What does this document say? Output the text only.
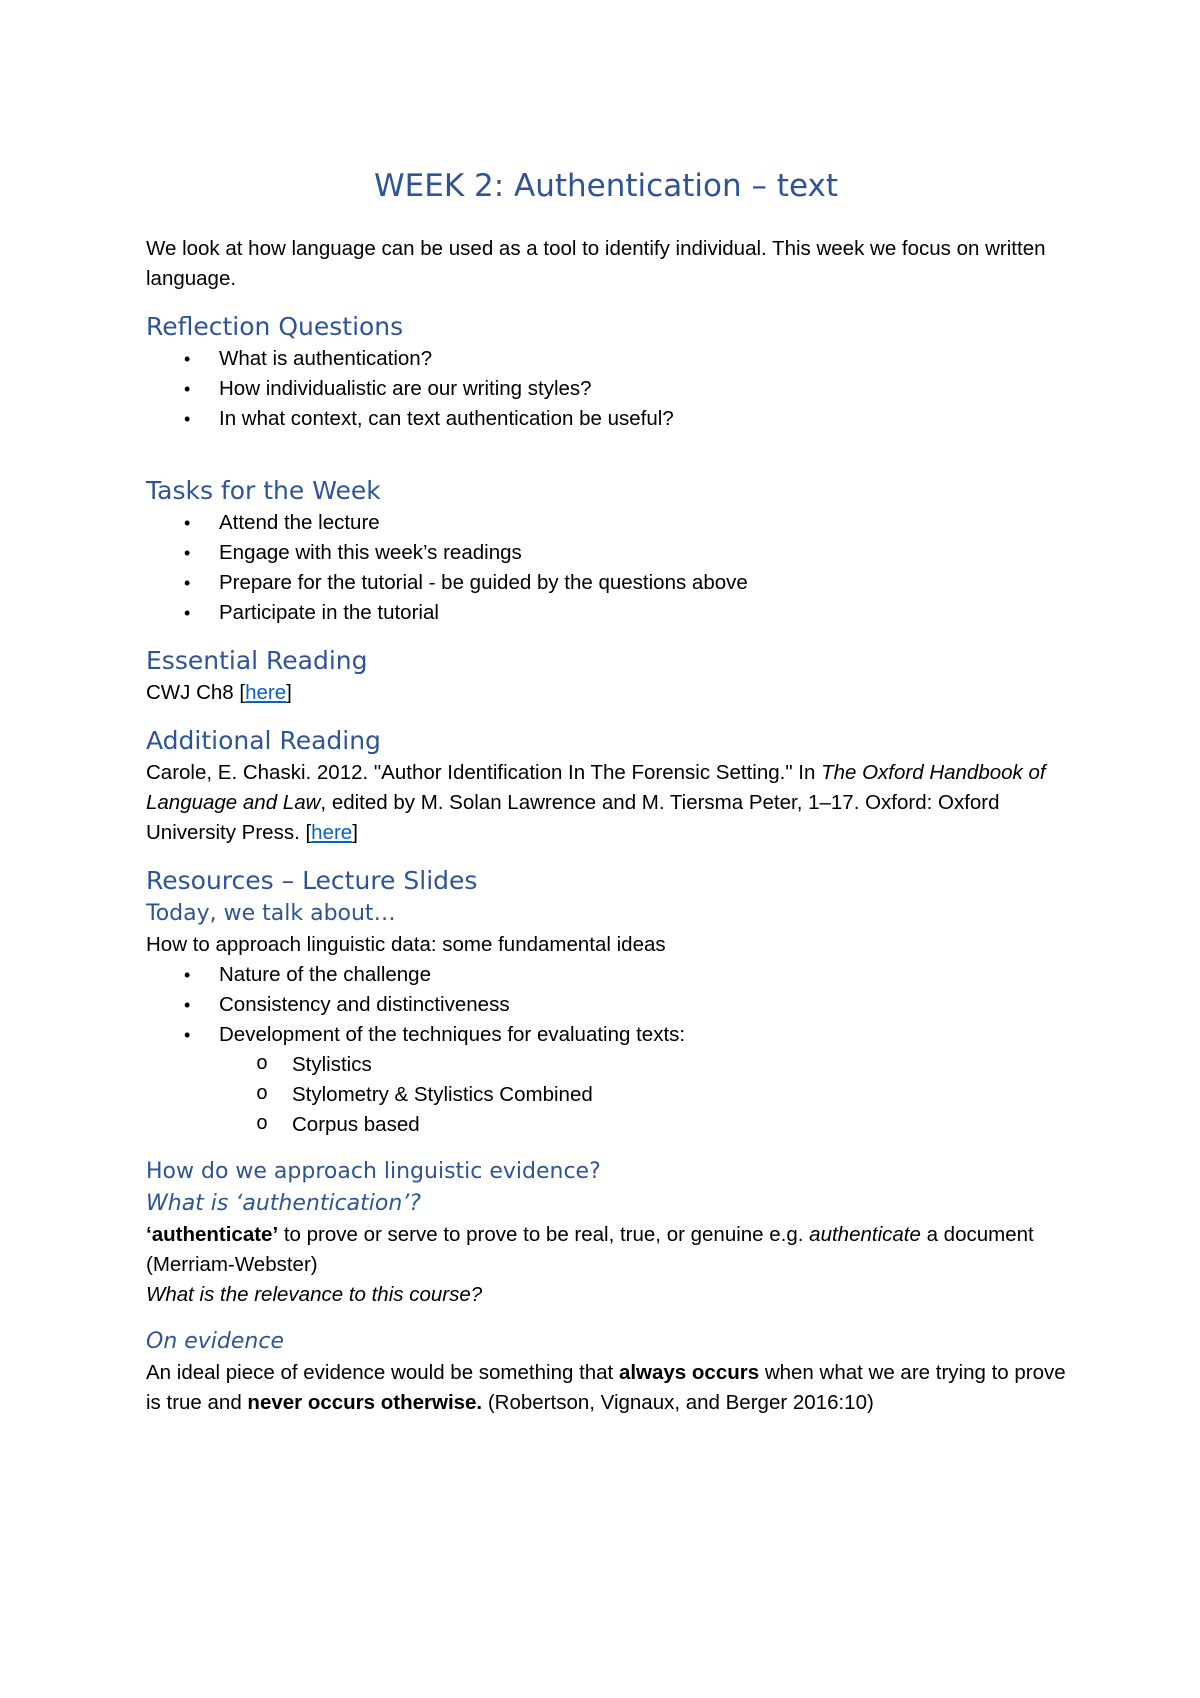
WEEK 2: Authentication – text

We look at how language can be used as a tool to identify individual. This week we focus on written language.

Reflection Questions
• What is authentication?
• How individualistic are our writing styles?
• In what context, can text authentication be useful?
Tasks for the Week
• Attend the lecture
• Engage with this week’s readings
• Prepare for the tutorial - be guided by the questions above
• Participate in the tutorial
Essential Reading

CWJ Ch8 [here]

Additional Reading

Carole, E. Chaski. 2012. "Author Identification In The Forensic Setting." In The Oxford Handbook of Language and Law, edited by M. Solan Lawrence and M. Tiersma Peter, 1–17. Oxford: Oxford University Press. [here]

Resources – Lecture Slides
Today, we talk about…

How to approach linguistic data: some fundamental ideas

• Nature of the challenge
• Consistency and distinctiveness
• Development of the techniques for evaluating texts:
o Stylistics
o Stylometry & Stylistics Combined
o Corpus based
How do we approach linguistic evidence?
What is ‘authentication’?

‘authenticate’ to prove or serve to prove to be real, true, or genuine e.g. authenticate a document (Merriam-Webster)

What is the relevance to this course?

On evidence

An ideal piece of evidence would be something that always occurs when what we are trying to prove is true and never occurs otherwise. (Robertson, Vignaux, and Berger 2016:10)
